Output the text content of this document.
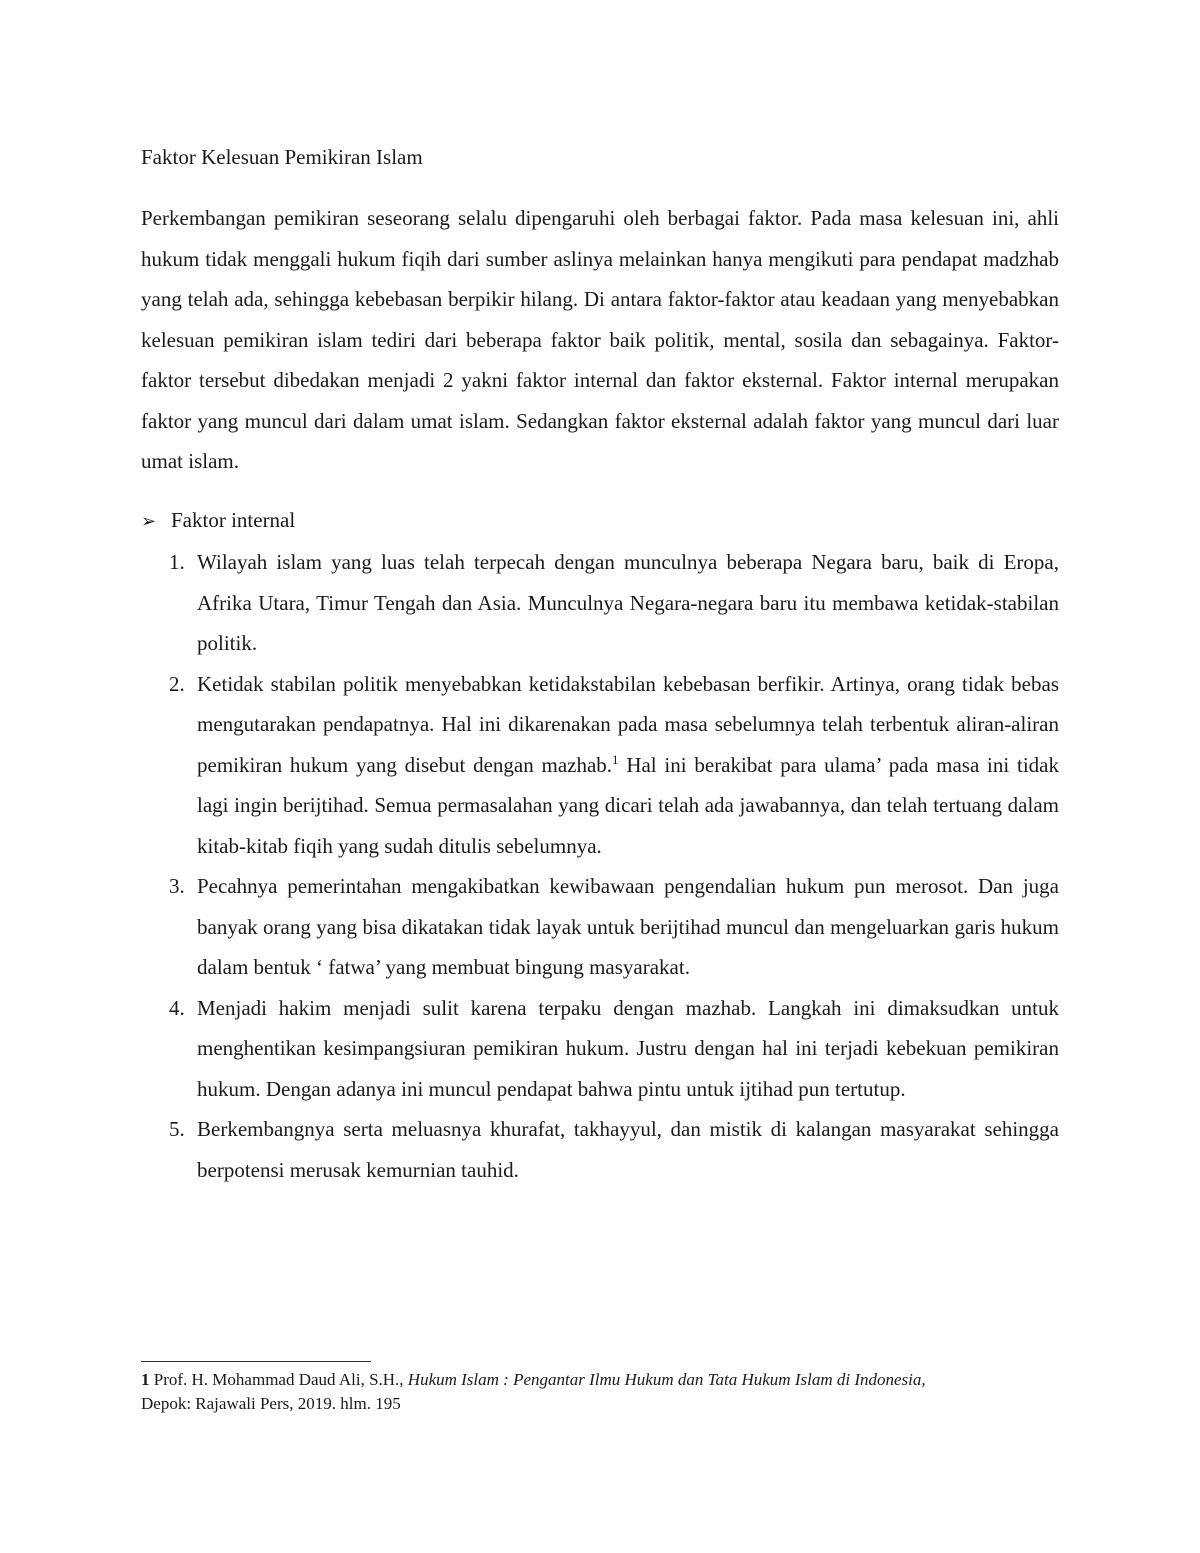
Faktor Kelesuan Pemikiran Islam

Perkembangan pemikiran seseorang selalu dipengaruhi oleh berbagai faktor. Pada masa kelesuan ini, ahli hukum tidak menggali hukum fiqih dari sumber aslinya melainkan hanya mengikuti para pendapat madzhab yang telah ada, sehingga kebebasan berpikir hilang. Di antara faktor-faktor atau keadaan yang menyebabkan kelesuan pemikiran islam tediri dari beberapa faktor baik politik, mental, sosila dan sebagainya. Faktor-faktor tersebut dibedakan menjadi 2 yakni faktor internal dan faktor eksternal. Faktor internal merupakan faktor yang muncul dari dalam umat islam. Sedangkan faktor eksternal adalah faktor yang muncul dari luar umat islam.

➢ Faktor internal
1. Wilayah islam yang luas telah terpecah dengan munculnya beberapa Negara baru, baik di Eropa, Afrika Utara, Timur Tengah dan Asia. Munculnya Negara-negara baru itu membawa ketidak-stabilan politik.
2. Ketidak stabilan politik menyebabkan ketidakstabilan kebebasan berfikir. Artinya, orang tidak bebas mengutarakan pendapatnya. Hal ini dikarenakan pada masa sebelumnya telah terbentuk aliran-aliran pemikiran hukum yang disebut dengan mazhab.$^1$ Hal ini berakibat para ulama’ pada masa ini tidak lagi ingin berijtihad. Semua permasalahan yang dicari telah ada jawabannya, dan telah tertuang dalam kitab-kitab fiqih yang sudah ditulis sebelumnya.
3. Pecahnya pemerintahan mengakibatkan kewibawaan pengendalian hukum pun merosot. Dan juga banyak orang yang bisa dikatakan tidak layak untuk berijtihad muncul dan mengeluarkan garis hukum dalam bentuk ‘ fatwa’ yang membuat bingung masyarakat.
4. Menjadi hakim menjadi sulit karena terpaku dengan mazhab. Langkah ini dimaksudkan untuk menghentikan kesimpangsiuran pemikiran hukum. Justru dengan hal ini terjadi kebekuan pemikiran hukum. Dengan adanya ini muncul pendapat bahwa pintu untuk ijtihad pun tertutup.
5. Berkembangnya serta meluasnya khurafat, takhayyul, dan mistik di kalangan masyarakat sehingga berpotensi merusak kemurnian tauhid.

1 Prof. H. Mohammad Daud Ali, S.H., Hukum Islam : Pengantar Ilmu Hukum dan Tata Hukum Islam di Indonesia,
Depok: Rajawali Pers, 2019. hlm. 195
